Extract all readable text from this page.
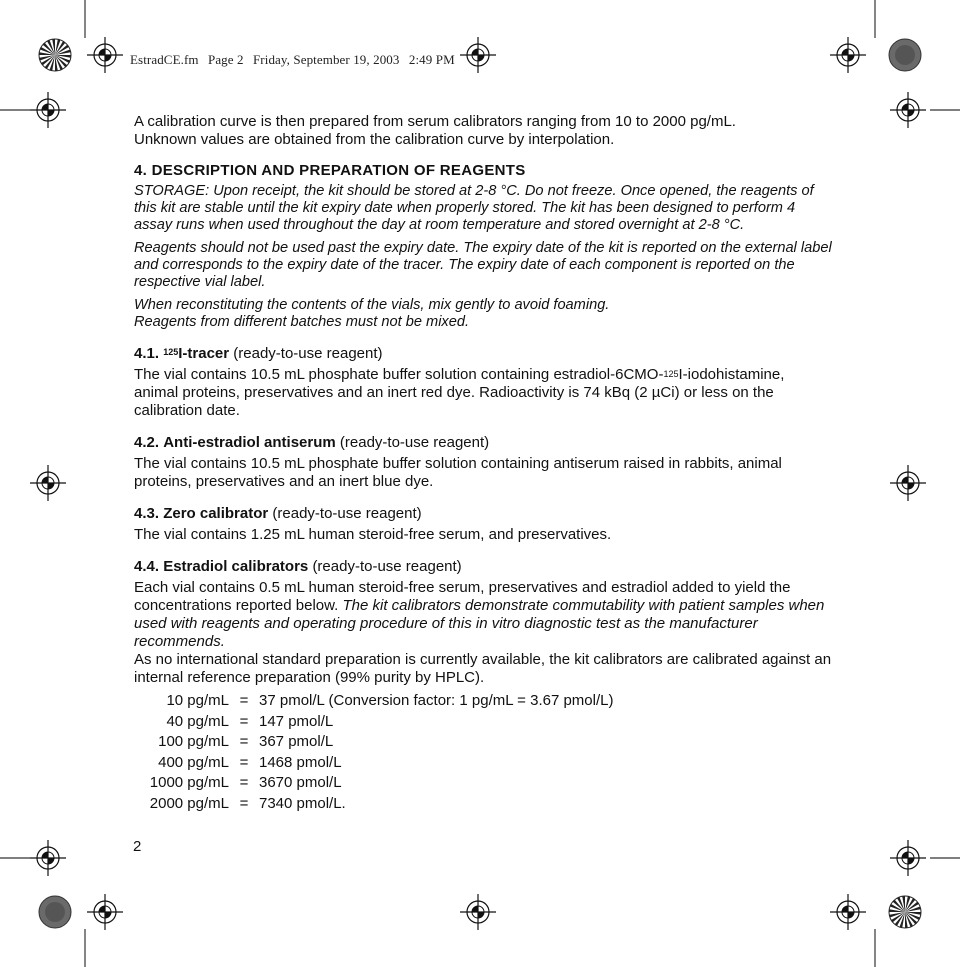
EstradCE.fm Page 2 Friday, September 19, 2003 2:49 PM

A calibration curve is then prepared from serum calibrators ranging from 10 to 2000 pg/mL.

Unknown values are obtained from the calibration curve by interpolation.

4. DESCRIPTION AND PREPARATION OF REAGENTS

STORAGE: Upon receipt, the kit should be stored at 2-8 °C. Do not freeze. Once opened, the reagents of this kit are stable until the kit expiry date when properly stored. The kit has been designed to perform 4 assay runs when used throughout the day at room temperature and stored overnight at 2-8 °C.

Reagents should not be used past the expiry date. The expiry date of the kit is reported on the external label and corresponds to the expiry date of the tracer. The expiry date of each component is reported on the respective vial label.

When reconstituting the contents of the vials, mix gently to avoid foaming.

Reagents from different batches must not be mixed.

4.1. $^{125}$I-tracer (ready-to-use reagent)

The vial contains 10.5 mL phosphate buffer solution containing estradiol-6CMO-$^{125}$I-iodohistamine, animal proteins, preservatives and an inert red dye. Radioactivity is 74 kBq (2 µCi) or less on the calibration date.

4.2. Anti-estradiol antiserum (ready-to-use reagent)

The vial contains 10.5 mL phosphate buffer solution containing antiserum raised in rabbits, animal proteins, preservatives and an inert blue dye.

4.3. Zero calibrator (ready-to-use reagent)

The vial contains 1.25 mL human steroid-free serum, and preservatives.

4.4. Estradiol calibrators (ready-to-use reagent)

Each vial contains 0.5 mL human steroid-free serum, preservatives and estradiol added to yield the concentrations reported below. The kit calibrators demonstrate commutability with patient samples when used with reagents and operating procedure of this in vitro diagnostic test as the manufacturer recommends.

As no international standard preparation is currently available, the kit calibrators are calibrated against an internal reference preparation (99% purity by HPLC).

10 pg/mL = 37 pmol/L (Conversion factor: 1 pg/mL = 3.67 pmol/L)
40 pg/mL = 147 pmol/L
100 pg/mL = 367 pmol/L
400 pg/mL = 1468 pmol/L
1000 pg/mL = 3670 pmol/L
2000 pg/mL = 7340 pmol/L.
2
